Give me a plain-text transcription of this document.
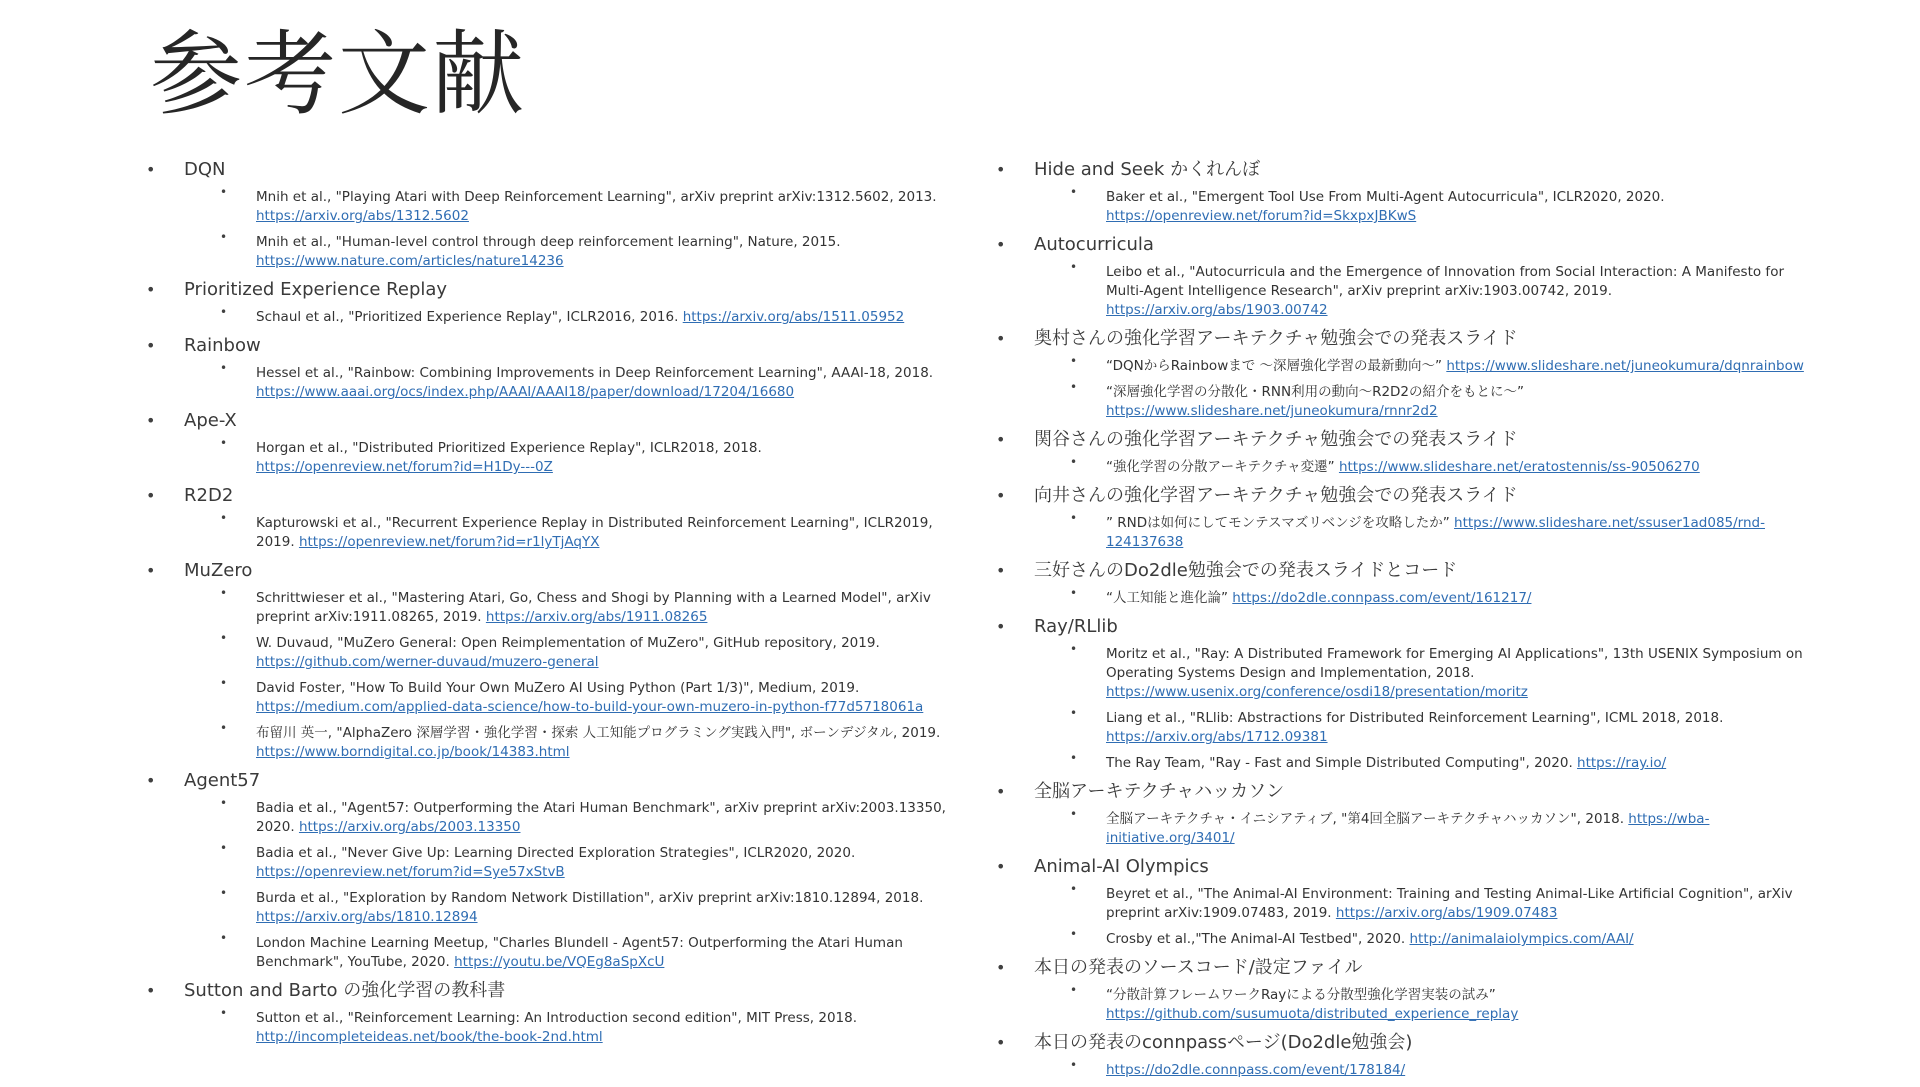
参考文献
• DQN
• Mnih et al., "Playing Atari with Deep Reinforcement Learning", arXiv preprint arXiv:1312.5602, 2013. https://arxiv.org/abs/1312.5602
• Mnih et al., "Human-level control through deep reinforcement learning", Nature, 2015. https://www.nature.com/articles/nature14236
• Prioritized Experience Replay
• Schaul et al., "Prioritized Experience Replay", ICLR2016, 2016. https://arxiv.org/abs/1511.05952
• Rainbow
• Hessel et al., "Rainbow: Combining Improvements in Deep Reinforcement Learning", AAAI-18, 2018. https://www.aaai.org/ocs/index.php/AAAI/AAAI18/paper/download/17204/16680
• Ape-X
• Horgan et al., "Distributed Prioritized Experience Replay", ICLR2018, 2018. https://openreview.net/forum?id=H1Dy---0Z
• R2D2
• Kapturowski et al., "Recurrent Experience Replay in Distributed Reinforcement Learning", ICLR2019, 2019. https://openreview.net/forum?id=r1lyTjAqYX
• MuZero
• Schrittwieser et al., "Mastering Atari, Go, Chess and Shogi by Planning with a Learned Model", arXiv preprint arXiv:1911.08265, 2019. https://arxiv.org/abs/1911.08265
• W. Duvaud, "MuZero General: Open Reimplementation of MuZero", GitHub repository, 2019. https://github.com/werner-duvaud/muzero-general
• David Foster, "How To Build Your Own MuZero AI Using Python (Part 1/3)", Medium, 2019. https://medium.com/applied-data-science/how-to-build-your-own-muzero-in-python-f77d5718061a
• 布留川 英一, "AlphaZero 深層学習・強化学習・探索 人工知能プログラミング実践入門", ボーンデジタル, 2019. https://www.borndigital.co.jp/book/14383.html
• Agent57
• Badia et al., "Agent57: Outperforming the Atari Human Benchmark", arXiv preprint arXiv:2003.13350, 2020. https://arxiv.org/abs/2003.13350
• Badia et al., "Never Give Up: Learning Directed Exploration Strategies", ICLR2020, 2020. https://openreview.net/forum?id=Sye57xStvB
• Burda et al., "Exploration by Random Network Distillation", arXiv preprint arXiv:1810.12894, 2018. https://arxiv.org/abs/1810.12894
• London Machine Learning Meetup, "Charles Blundell - Agent57: Outperforming the Atari Human Benchmark", YouTube, 2020. https://youtu.be/VQEg8aSpXcU
• Sutton and Barto の強化学習の教科書
• Sutton et al., "Reinforcement Learning: An Introduction second edition", MIT Press, 2018. http://incompleteideas.net/book/the-book-2nd.html
• Hide and Seek かくれんぼ
• Baker et al., "Emergent Tool Use From Multi-Agent Autocurricula", ICLR2020, 2020. https://openreview.net/forum?id=SkxpxJBKwS
• Autocurricula
• Leibo et al., "Autocurricula and the Emergence of Innovation from Social Interaction: A Manifesto for Multi-Agent Intelligence Research", arXiv preprint arXiv:1903.00742, 2019. https://arxiv.org/abs/1903.00742
• 奥村さんの強化学習アーキテクチャ勉強会での発表スライド
• “DQNからRainbowまで 〜深層強化学習の最新動向〜” https://www.slideshare.net/juneokumura/dqnrainbow
• “深層強化学習の分散化・RNN利用の動向〜R2D2の紹介をもとに〜” https://www.slideshare.net/juneokumura/rnnr2d2
• 関谷さんの強化学習アーキテクチャ勉強会での発表スライド
• “強化学習の分散アーキテクチャ変遷” https://www.slideshare.net/eratostennis/ss-90506270
• 向井さんの強化学習アーキテクチャ勉強会での発表スライド
• ” RNDは如何にしてモンテスマズリベンジを攻略したか” https://www.slideshare.net/ssuser1ad085/rnd-124137638
• 三好さんのDo2dle勉強会での発表スライドとコード
• “人工知能と進化論” https://do2dle.connpass.com/event/161217/
• Ray/RLlib
• Moritz et al., "Ray: A Distributed Framework for Emerging AI Applications", 13th USENIX Symposium on Operating Systems Design and Implementation, 2018. https://www.usenix.org/conference/osdi18/presentation/moritz
• Liang et al., "RLlib: Abstractions for Distributed Reinforcement Learning", ICML 2018, 2018. https://arxiv.org/abs/1712.09381
• The Ray Team, "Ray - Fast and Simple Distributed Computing", 2020. https://ray.io/
• 全脳アーキテクチャハッカソン
• 全脳アーキテクチャ・イニシアティブ, "第4回全脳アーキテクチャハッカソン", 2018. https://wba-initiative.org/3401/
• Animal-AI Olympics
• Beyret et al., "The Animal-AI Environment: Training and Testing Animal-Like Artificial Cognition", arXiv preprint arXiv:1909.07483, 2019. https://arxiv.org/abs/1909.07483
• Crosby et al.,"The Animal-AI Testbed", 2020. http://animalaiolympics.com/AAI/
• 本日の発表のソースコード/設定ファイル
• “分散計算フレームワークRayによる分散型強化学習実装の試み” https://github.com/susumuota/distributed_experience_replay
• 本日の発表のconnpassページ(Do2dle勉強会)
• https://do2dle.connpass.com/event/178184/
